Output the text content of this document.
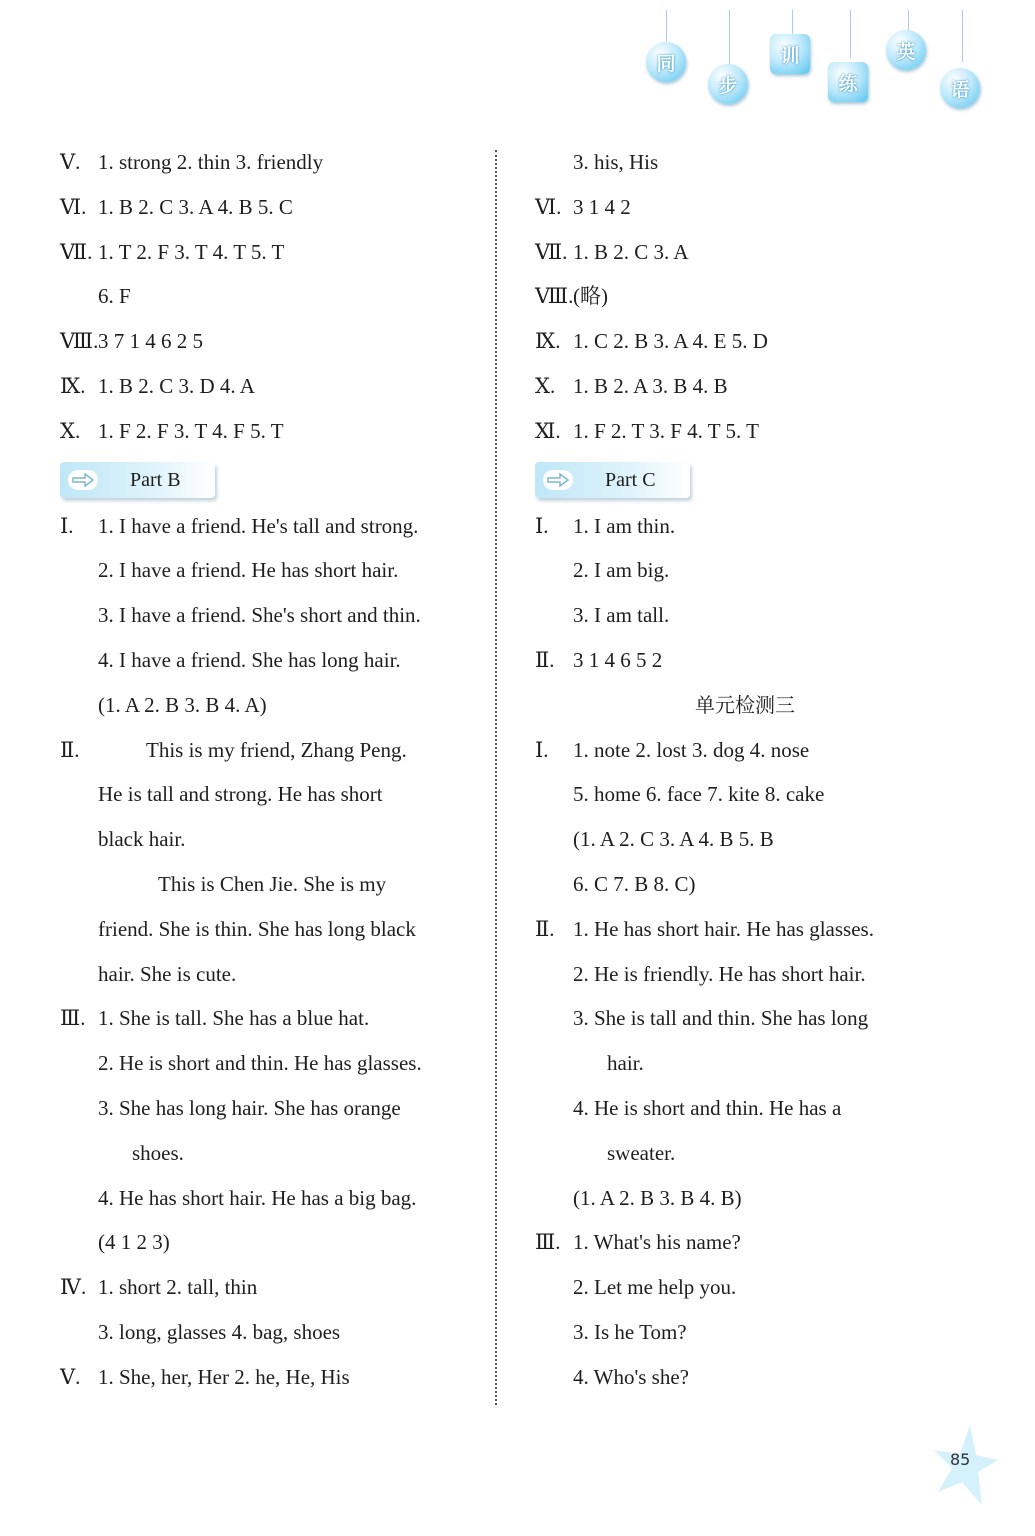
同
步
训
练
英
语
Ⅴ. 1. strong 2. thin 3. friendly
Ⅵ. 1. B 2. C 3. A 4. B 5. C
Ⅶ. 1. T 2. F 3. T 4. T 5. T
6. F
Ⅷ.3 7 1 4 6 2 5
Ⅸ. 1. B 2. C 3. D 4. A
Ⅹ. 1. F 2. F 3. T 4. F 5. T
Part B
Ⅰ. 1. I have a friend. He's tall and strong.
2. I have a friend. He has short hair.
3. I have a friend. She's short and thin.
4. I have a friend. She has long hair.
(1. A 2. B 3. B 4. A)
Ⅱ.	This is my friend, Zhang Peng.
He is tall and strong. He has short
black hair.
This is Chen Jie. She is my
friend. She is thin. She has long black
hair. She is cute.
Ⅲ. 1. She is tall. She has a blue hat.
2. He is short and thin. He has glasses.
3. She has long hair. She has orange
shoes.
4. He has short hair. He has a big bag.
(4 1 2 3)
Ⅳ. 1. short 2. tall, thin
3. long, glasses 4. bag, shoes
Ⅴ. 1. She, her, Her 2. he, He, His
3. his, His
Ⅵ. 3 1 4 2
Ⅶ. 1. B 2. C 3. A
Ⅷ.(略)
Ⅸ. 1. C 2. B 3. A 4. E 5. D
Ⅹ. 1. B 2. A 3. B 4. B
Ⅺ. 1. F 2. T 3. F 4. T 5. T
Part C
Ⅰ. 1. I am thin.
2. I am big.
3. I am tall.
Ⅱ. 3 1 4 6 5 2
单元检测三
Ⅰ. 1. note 2. lost 3. dog 4. nose
5. home 6. face 7. kite 8. cake
(1. A 2. C 3. A 4. B 5. B
6. C 7. B 8. C)
Ⅱ. 1. He has short hair. He has glasses.
2. He is friendly. He has short hair.
3. She is tall and thin. She has long
hair.
4. He is short and thin. He has a
sweater.
(1. A 2. B 3. B 4. B)
Ⅲ. 1. What's his name?
2. Let me help you.
3. Is he Tom?
4. Who's she?
85
